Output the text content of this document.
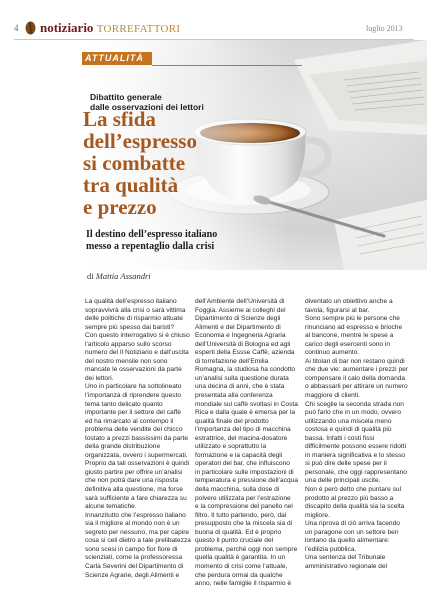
4 notiziario TORREFATTORI	luglio 2013
ATTUALITÀ
Dibattito generale
dalle osservazioni dei lettori
La sfida
dell’espresso
si combatte
tra qualità
e prezzo
Il destino dell’espresso italiano
messo a repentaglio dalla crisi
di Mattia Assandri
La qualità dell’espresso italiano
sopravvivrà alla crisi o sarà vittima
delle politiche di risparmio attuate
sempre più spesso dai baristi?
Con questo interrogativo si è chiuso
l’articolo apparso sullo scorso
numero del Il Notiziario e dall’uscita
del nostro mensile non sono
mancate le osservazioni da parte
dei lettori.
Uno in particolare ha sottolineato
l’importanza di riprendere questo
tema tanto delicato quanto
importante per il settore del caffè
ed ha rimarcato al contempo il
problema delle vendite del chicco
tostato a prezzi bassissimi da parte
della grande distribuzione
organizzata, ovvero i supermercati.
Proprio da tali osservazioni è quindi
giusto partire per offrire un’analisi
che non potrà dare una risposta
definitiva alla questione, ma forse
sarà sufficiente a fare chiarezza su
alcune tematiche.
Innanzitutto che l’espresso italiano
sia il migliore al mondo non è un
segreto per nessuno, ma per capire
cosa si celi dietro a tale prelibatezza
sono scesi in campo fior fiore di
scienziati, come la professoressa
Carla Severini del Dipartimento di
Scienze Agrarie, degli Alimenti e
dell’Ambiente dell’Università di
Foggia. Assieme ai colleghi del
Dipartimento di Scienze degli
Alimenti e del Dipartimento di
Economia e Ingegneria Agraria
dell’Università di Bologna ed agli
esperti della Essse Caffè, azienda
di torrefazione dell’Emilia
Romagna, la studiosa ha condotto
un’analisi sulla questione durata
una decina di anni, che è stata
presentata alla conferenza
mondiale sul caffè svoltasi in Costa
Rica e dalla quale è emersa per la
qualità finale del prodotto
l’importanza del tipo di macchina
estrattrice, del macina-dosatore
utilizzato e soprattutto la
formazione e la capacità degli
operatori del bar, che influiscono
in particolare sulle impostazioni di
temperatura e pressione dell’acqua
della macchina, sulla dose di
polvere utilizzata per l’estrazione
e la compressione del panello nel
filtro. Il tutto partendo, però, dal
presupposto che la miscela sia di
buona di qualità. Ed è proprio
questo il punto cruciale del
problema, perché oggi non sempre
quella qualità è garantita. In un
momento di crisi come l’attuale,
che perdura ormai da qualche
anno, nelle famiglie il risparmio è
diventato un obiettivo anche a
tavola, figurarsi al bar.
Sono sempre più le persone che
rinunciano ad espresso e brioche
al bancone, mentre le spese a
carico degli esercenti sono in
continuo aumento.
Ai titolari di bar non restano quindi
che due vie: aumentare i prezzi per
compensare il calo della domanda
o abbassarli per attirare un numero
maggiore di clienti.
Chi sceglie la seconda strada non
può farlo che in un modo, ovvero
utilizzando una miscela meno
costosa e quindi di qualità più
bassa. Infatti i costi fissi
difficilmente possono essere ridotti
in maniera significativa e lo stesso
si può dire delle spese per il
personale, che oggi rappresentano
una delle principali uscite.
Non è però detto che puntare sul
prodotto al prezzo più basso a
discapito della qualità sia la scelta
migliore.
Una riprova di ciò arriva facendo
un paragone con un settore ben
lontano da quello alimentare:
l’edilizia pubblica.
Una sentenza del Tribunale
amministrativo regionale del
